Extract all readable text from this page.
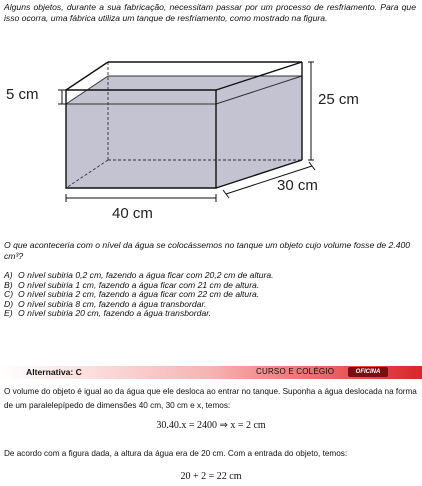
Alguns objetos, durante a sua fabricação, necessitam passar por um processo de resfriamento. Para que isso ocorra, uma fábrica utiliza um tanque de resfriamento, como mostrado na figura.
5 cm	25 cm
30 cm
40 cm
O que aconteceria com o nível da água se colocássemos no tanque um objeto cujo volume fosse de 2.400 cm³?
A) O nível subiria 0,2 cm, fazendo a água ficar com 20,2 cm de altura.
B) O nível subiria 1 cm, fazendo a água ficar com 21 cm de altura.
C) O nível subiria 2 cm, fazendo a água ficar com 22 cm de altura.
D) O nível subiria 8 cm, fazendo a água transbordar.
E) O nível subiria 20 cm, fazendo a água transbordar.
Alternativa: C	CURSO E COLÉGIO	OFICINA
O volume do objeto é igual ao da água que ele desloca ao entrar no tanque. Suponha a água deslocada na forma de um paralelepípedo de dimensões 40 cm, 30 cm e x, temos:
30.40.x = 2400 ⇒ x = 2 cm
De acordo com a figura dada, a altura da água era de 20 cm. Com a entrada do objeto, temos:
20 + 2 = 22 cm
